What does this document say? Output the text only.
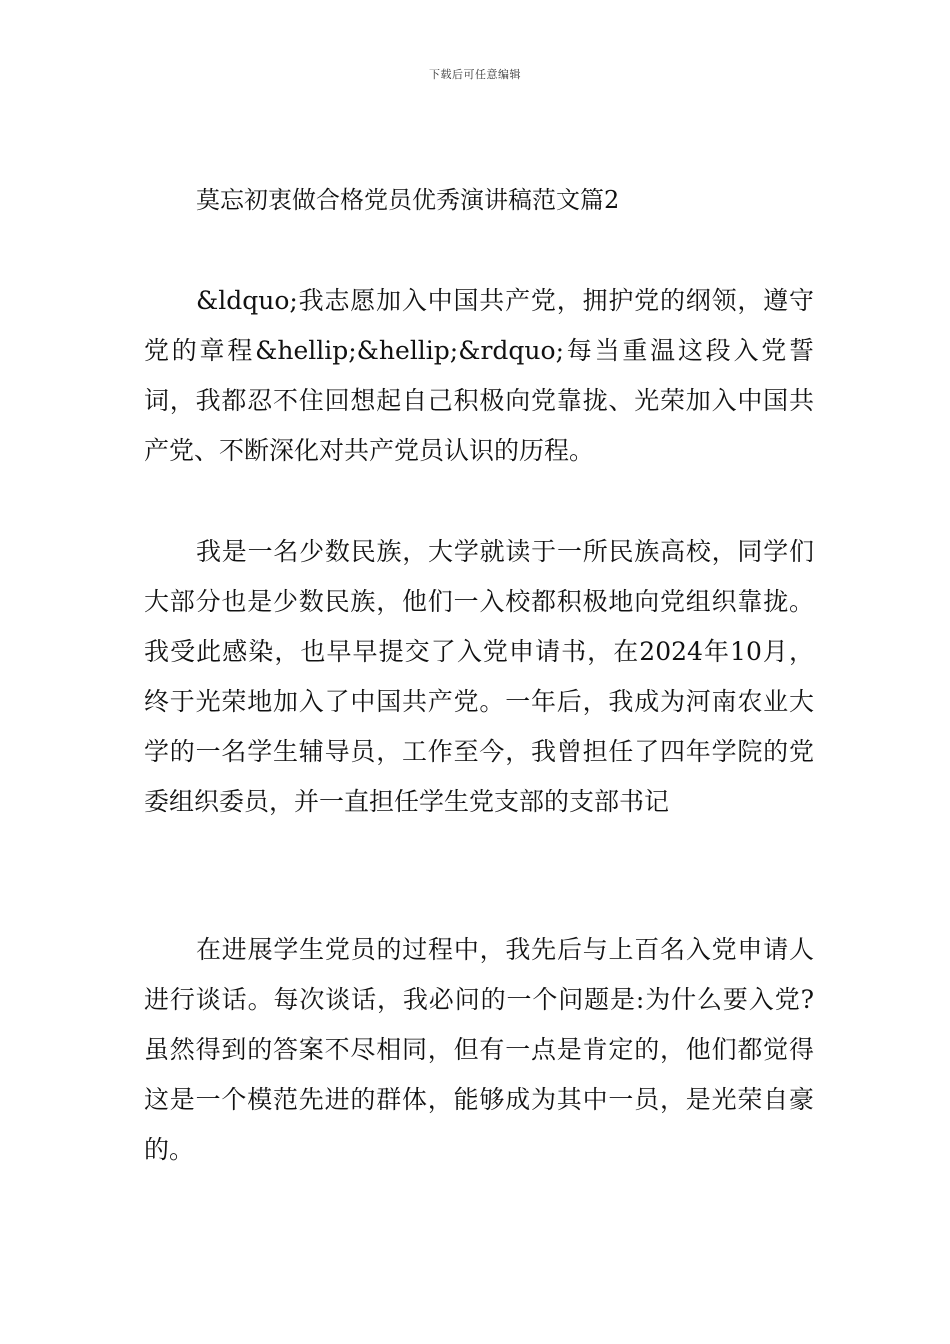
下载后可任意编辑
莫忘初衷做合格党员优秀演讲稿范文篇2

&ldquo;我志愿加入中国共产党，拥护党的纲领，遵守党的章程&hellip;&hellip;&rdquo;每当重温这段入党誓词，我都忍不住回想起自己积极向党靠拢、光荣加入中国共产党、不断深化对共产党员认识的历程。

我是一名少数民族，大学就读于一所民族高校，同学们大部分也是少数民族，他们一入校都积极地向党组织靠拢。我受此感染，也早早提交了入党申请书，在2024年10月，终于光荣地加入了中国共产党。一年后，我成为河南农业大学的一名学生辅导员，工作至今，我曾担任了四年学院的党委组织委员，并一直担任学生党支部的支部书记

在进展学生党员的过程中，我先后与上百名入党申请人进行谈话。每次谈话，我必问的一个问题是:为什么要入党?虽然得到的答案不尽相同，但有一点是肯定的，他们都觉得这是一个模范先进的群体，能够成为其中一员，是光荣自豪的。
